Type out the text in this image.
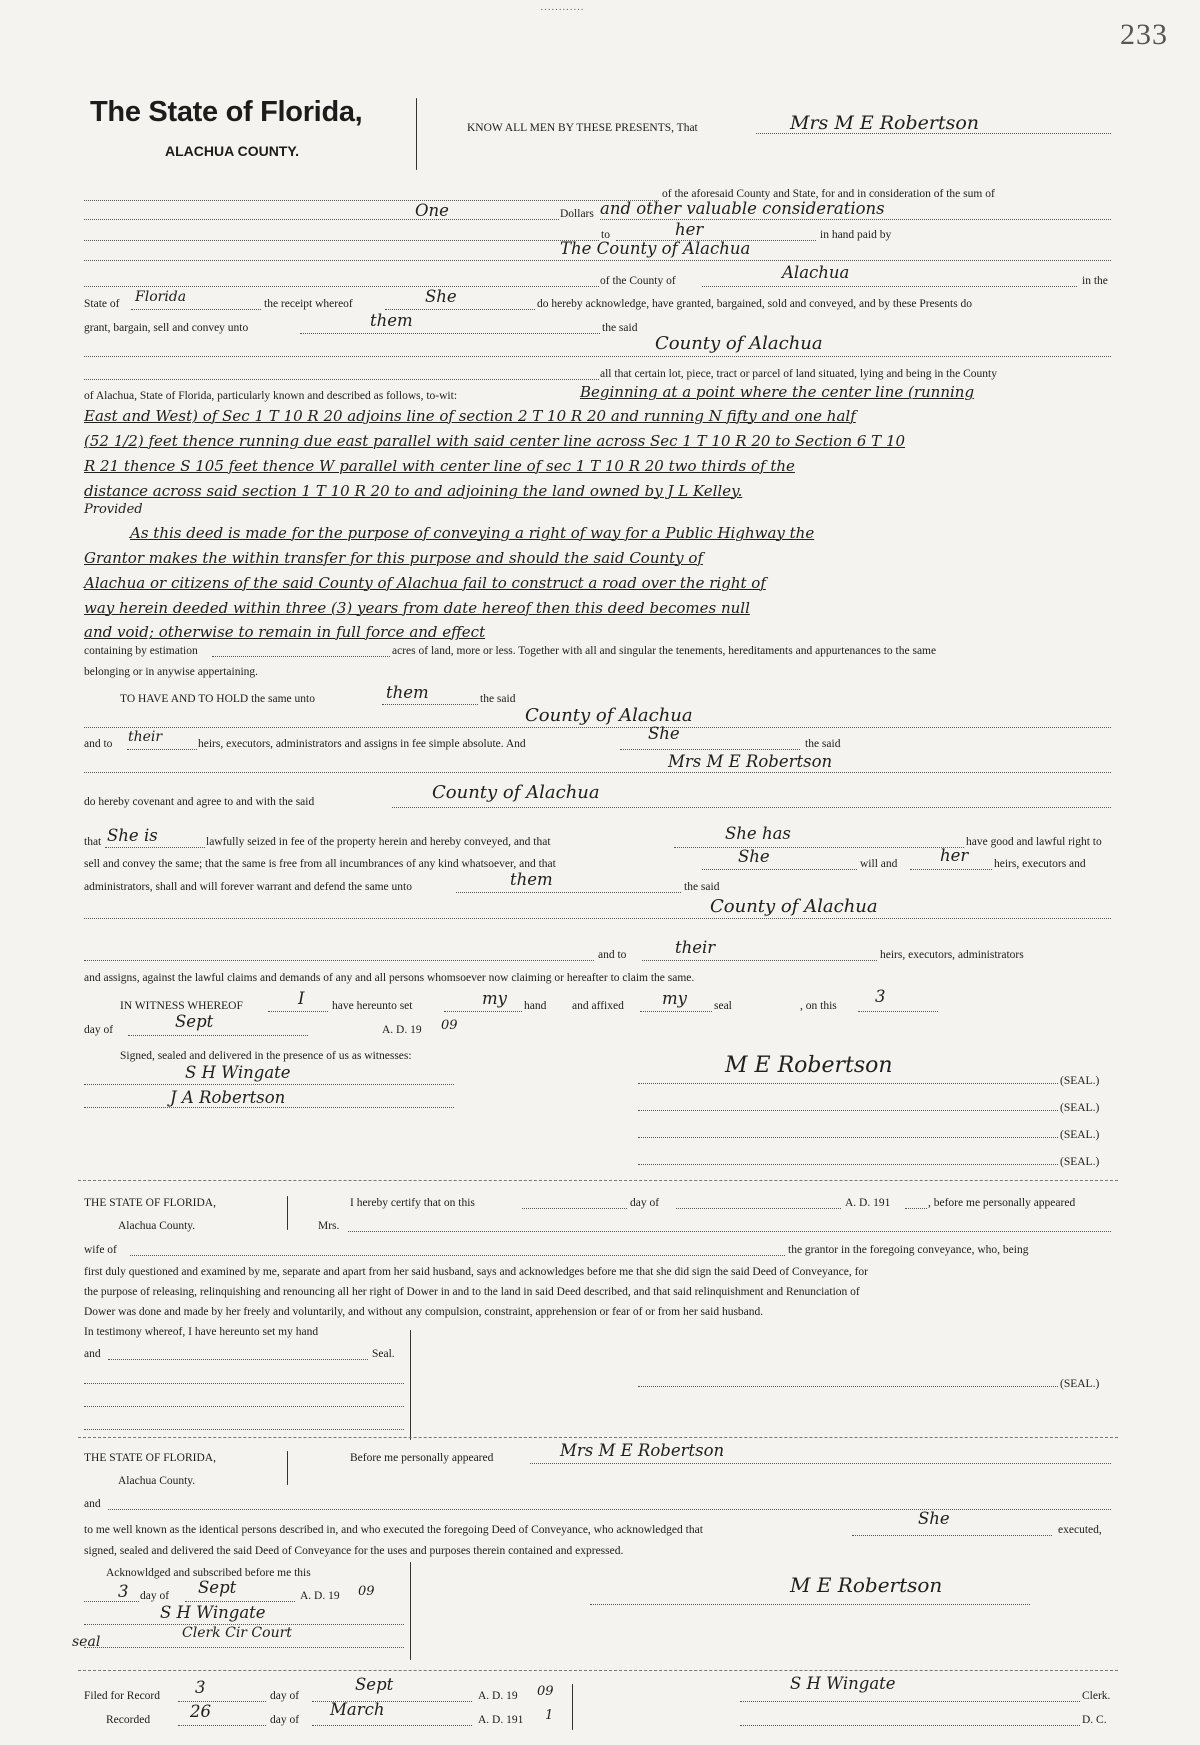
············
233
The State of Florida,
ALACHUA COUNTY.
KNOW ALL MEN BY THESE PRESENTS, That	Mrs M E Robertson
of the aforesaid County and State, for and in consideration of the sum of
One	Dollars and other valuable considerations
to	her	in hand paid by
The County of Alachua
of the County of	Alachua	in the
State of Florida	the receipt whereof	She	do hereby acknowledge, have granted, bargained, sold and conveyed, and by these Presents do
grant, bargain, sell and convey unto	them	the said
County of Alachua
all that certain lot, piece, tract or parcel of land situated, lying and being in the County
of Alachua, State of Florida, particularly known and described as follows, to-wit:	Beginning at a point where the center line (running
East and West) of Sec 1 T 10 R 20 adjoins line of section 2 T 10 R 20 and running N fifty and one half
(52 1/2) feet thence running due east parallel with said center line across Sec 1 T 10 R 20 to Section 6 T 10
R 21 thence S 105 feet thence W parallel with center line of sec 1 T 10 R 20 two thirds of the
distance across said section 1 T 10 R 20 to and adjoining the land owned by J L Kelley.
Provided
As this deed is made for the purpose of conveying a right of way for a Public Highway the
Grantor makes the within transfer for this purpose and should the said County of
Alachua or citizens of the said County of Alachua fail to construct a road over the right of
way herein deeded within three (3) years from date hereof then this deed becomes null
and void; otherwise to remain in full force and effect
containing by estimation	acres of land, more or less. Together with all and singular the tenements, hereditaments and appurtenances to the same
belonging or in anywise appertaining.
TO HAVE AND TO HOLD the same unto	them	the said
County of Alachua
and to their	heirs, executors, administrators and assigns in fee simple absolute. And
She
the said
Mrs M E Robertson
do hereby covenant and agree to and with the said	County of Alachua
that She is	lawfully seized in fee of the property herein and hereby conveyed, and that	She has	have good and lawful right to
sell and convey the same; that the same is free from all incumbrances of any kind whatsoever, and that	She	will and	her heirs, executors and
administrators, shall and will forever warrant and defend the same unto	them	the said
County of Alachua
and to	their	heirs, executors, administrators
and assigns, against the lawful claims and demands of any and all persons whomsoever now claiming or hereafter to claim the same.
IN WITNESS WHEREOF	I have hereunto set	my hand and affixed my seal	, on this 3
day of	Sept	A. D. 19 09
Signed, sealed and delivered in the presence of us as witnesses:
S H Wingate
J A Robertson
M E Robertson
(SEAL.)
(SEAL.)
(SEAL.)
(SEAL.)
THE STATE OF FLORIDA,
Alachua County.
I hereby certify that on this	day of	A. D. 191	, before me personally appeared
Mrs.
wife of	the grantor in the foregoing conveyance, who, being
first duly questioned and examined by me, separate and apart from her said husband, says and acknowledges before me that she did sign the said Deed of Conveyance, for
the purpose of releasing, relinquishing and renouncing all her right of Dower in and to the land in said Deed described, and that said relinquishment and Renunciation of
Dower was done and made by her freely and voluntarily, and without any compulsion, constraint, apprehension or fear of or from her said husband.
In testimony whereof, I have hereunto set my hand
and	Seal.
(SEAL.)
THE STATE OF FLORIDA,
Alachua County.
Before me personally appeared	Mrs M E Robertson
and
to me well known as the identical persons described in, and who executed the foregoing Deed of Conveyance, who acknowledged that
She
executed,
signed, sealed and delivered the said Deed of Conveyance for the uses and purposes therein contained and expressed.
Acknowldged and subscribed before me this
3 day of Sept	A. D. 19 09
S H Wingate
Clerk Cir Court
seal
M E Robertson
Filed for Record 3	day of
Sept
A. D. 19 09
Recorded 26	day of
March
A. D. 191 1
S H Wingate
Clerk.
D. C.
